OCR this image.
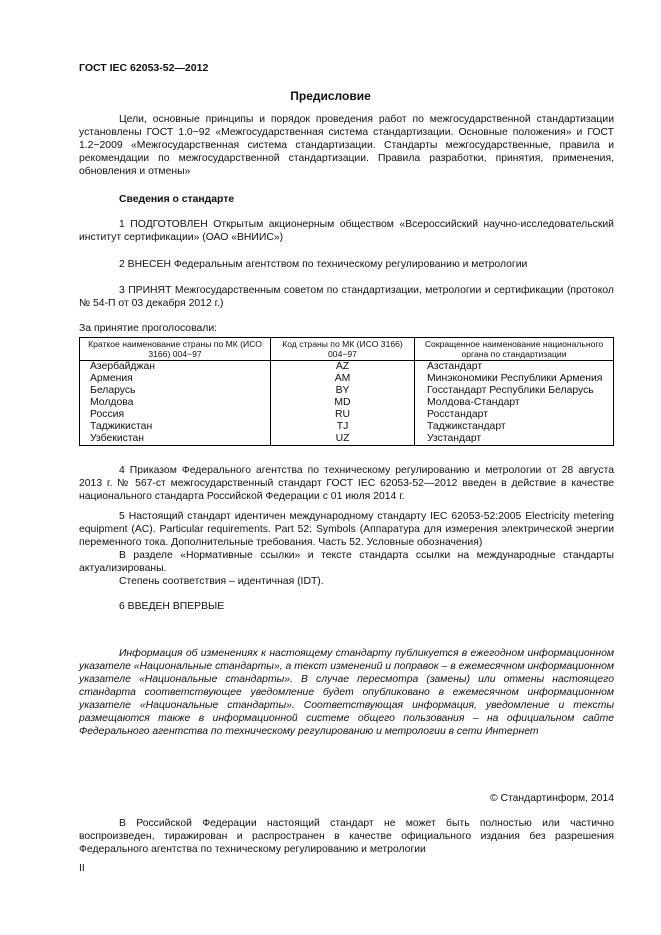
ГОСТ IEC 62053-52—2012
Предисловие
Цели, основные принципы и порядок проведения работ по межгосударственной стандартизации установлены ГОСТ 1.0−92 «Межгосударственная система стандартизации. Основные положения» и ГОСТ 1.2−2009 «Межгосударственная система стандартизации. Стандарты межгосударственные, правила и рекомендации по межгосударственной стандартизации. Правила разработки, принятия, применения, обновления и отмены»
Сведения о стандарте
1 ПОДГОТОВЛЕН Открытым акционерным обществом «Всероссийский научно-исследовательский институт сертификации» (ОАО «ВНИИС»)
2 ВНЕСЕН Федеральным агентством по техническому регулированию и метрологии
3 ПРИНЯТ Межгосударственным советом по стандартизации, метрологии и сертификации (протокол № 54-П от 03 декабря 2012 г.)
За принятие проголосовали:
Краткое наименование страны по МК (ИСО 3166) 004−97	Код страны по МК (ИСО 3166) 004−97	Сокращенное наименование национального органа по стандартизации
Азербайджан	AZ	Азстандарт
Армения	AM	Минэкономики Республики Армения
Беларусь	BY	Госстандарт Республики Беларусь
Молдова	MD	Молдова-Стандарт
Россия	RU	Росстандарт
Таджикистан	TJ	Таджикстандарт
Узбекистан	UZ	Узстандарт
4 Приказом Федерального агентства по техническому регулированию и метрологии от 28 августа 2013 г. № 567-ст межгосударственный стандарт ГОСТ IEC 62053-52—2012 введен в действие в качестве национального стандарта Российской Федерации с 01 июля 2014 г.
5 Настоящий стандарт идентичен международному стандарту IEC 62053-52:2005 Electricity metering equipment (AC). Particular requirements. Part 52: Symbols (Аппаратура для измерения электрической энергии переменного тока. Дополнительные требования. Часть 52. Условные обозначения)
В разделе «Нормативные ссылки» и тексте стандарта ссылки на международные стандарты актуализированы.
Степень соответствия – идентичная (IDT).
6 ВВЕДЕН ВПЕРВЫЕ
Информация об изменениях к настоящему стандарту публикуется в ежегодном информационном указателе «Национальные стандарты», а текст изменений и поправок – в ежемесячном информационном указателе «Национальные стандарты». В случае пересмотра (замены) или отмены настоящего стандарта соответствующее уведомление будет опубликовано в ежемесячном информационном указателе «Национальные стандарты». Соответствующая информация, уведомление и тексты размещаются также в информационной системе общего пользования – на официальном сайте Федерального агентства по техническому регулированию и метрологии в сети Интернет
© Стандартинформ, 2014
В Российской Федерации настоящий стандарт не может быть полностью или частично воспроизведен, тиражирован и распространен в качестве официального издания без разрешения Федерального агентства по техническому регулированию и метрологии
II
